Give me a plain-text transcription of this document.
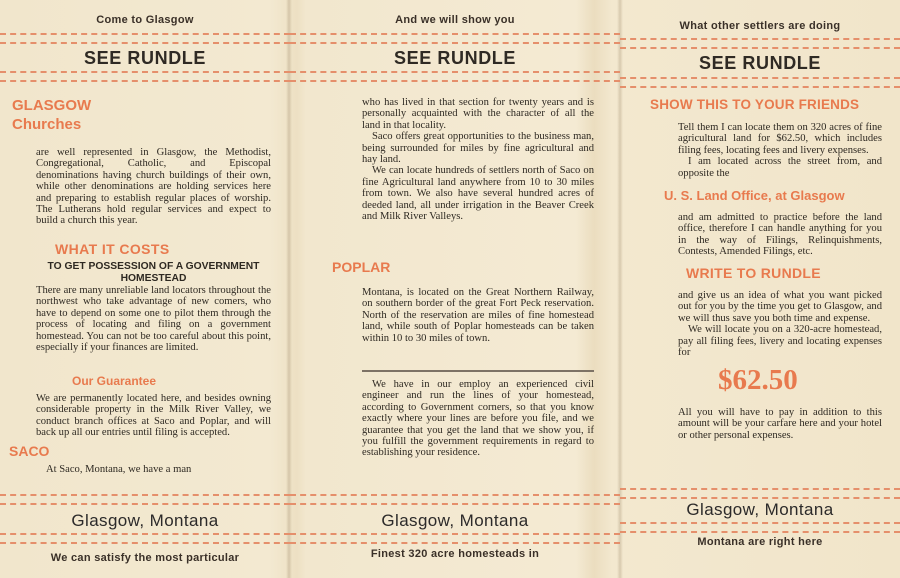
Come to Glasgow
SEE RUNDLE
GLASGOW
Churches

are well represented in Glasgow, the Methodist, Congregational, Catholic, and Episcopal denominations having church buildings of their own, while other denominations are holding services here and preparing to establish regular places of worship. The Lutherans hold regular services and expect to build a church this year.

WHAT IT COSTS
TO GET POSSESSION OF A GOVERNMENT HOMESTEAD

There are many unreliable land locators throughout the northwest who take advantage of new comers, who have to depend on some one to pilot them through the process of locating and filing on a government homestead. You can not be too careful about this point, especially if your finances are limited.

Our Guarantee

We are permanently located here, and besides owning considerable property in the Milk River Valley, we conduct branch offices at Saco and Poplar, and will back up all our entries until filing is accepted.

SACO

At Saco, Montana, we have a man

Glasgow, Montana
We can satisfy the most particular
And we will show you
SEE RUNDLE

who has lived in that section for twenty years and is personally acquainted with the character of all the land in that locality.

Saco offers great opportunities to the business man, being surrounded for miles by fine agricultural and hay land.

We can locate hundreds of settlers north of Saco on fine Agricultural land anywhere from 10 to 30 miles from town. We also have several hundred acres of deeded land, all under irrigation in the Beaver Creek and Milk River Valleys.

POPLAR

Montana, is located on the Great Northern Railway, on southern border of the great Fort Peck reservation. North of the reservation are miles of fine homestead land, while south of Poplar homesteads can be taken within 10 to 30 miles of town.

We have in our employ an experienced civil engineer and run the lines of your homestead, according to Government corners, so that you know exactly where your lines are before you file, and we guarantee that you get the land that we show you, if you fulfill the government requirements in regard to establishing your residence.

Glasgow, Montana
Finest 320 acre homesteads in
What other settlers are doing
SEE RUNDLE
SHOW THIS TO YOUR FRIENDS

Tell them I can locate them on 320 acres of fine agricultural land for $62.50, which includes filing fees, locating fees and livery expenses.

I am located across the street from, and opposite the

U. S. Land Office, at Glasgow

and am admitted to practice before the land office, therefore I can handle anything for you in the way of Filings, Relinquishments, Contests, Amended Filings, etc.

WRITE TO RUNDLE

and give us an idea of what you want picked out for you by the time you get to Glasgow, and we will thus save you both time and expense.

We will locate you on a 320-acre homestead, pay all filing fees, livery and locating expenses for

$62.50

All you will have to pay in addition to this amount will be your carfare here and your hotel or other personal expenses.

Glasgow, Montana
Montana are right here
